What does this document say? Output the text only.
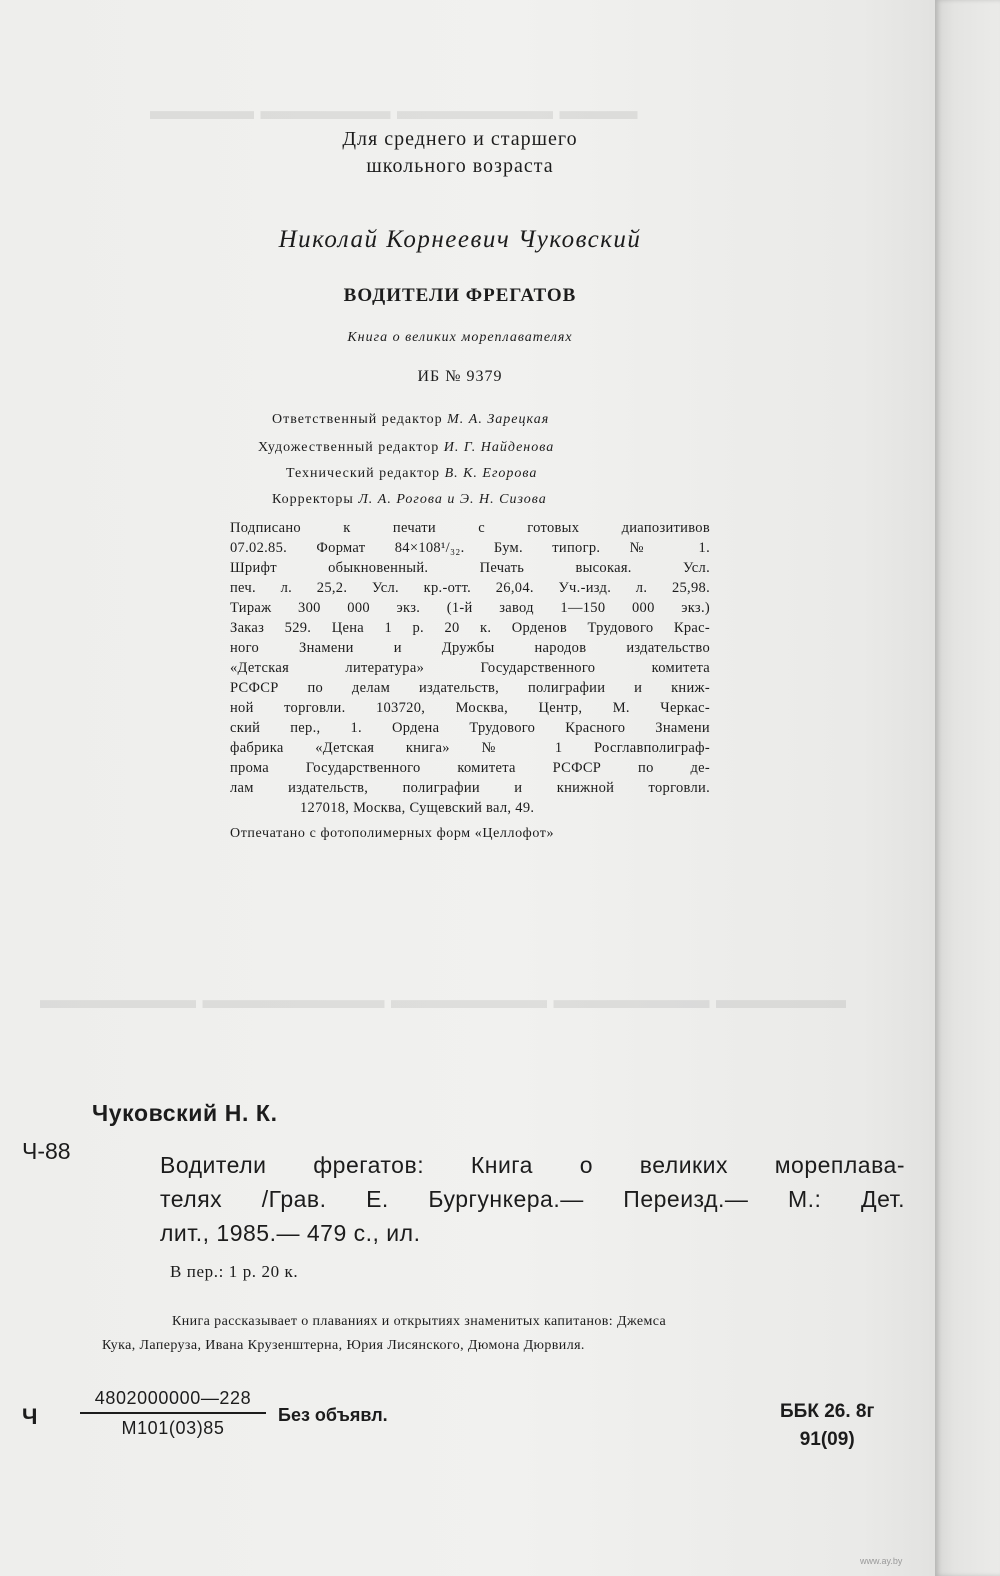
▬▬▬ ▬▬▬▬▬▬ ▬▬▬▬▬ ▬▬▬▬
▬▬▬▬▬ ▬▬▬▬▬▬ ▬▬▬▬▬▬ ▬▬▬▬▬▬▬ ▬▬▬▬▬▬
Для среднего и старшего
школьного возраста
Николай Корнеевич Чуковский
ВОДИТЕЛИ ФРЕГАТОВ
Книга о великих мореплавателях
ИБ № 9379
Ответственный редактор М. А. Зарецкая
Художественный редактор И. Г. Найденова
Технический редактор В. К. Егорова
Корректоры Л. А. Рогова и Э. Н. Сизова
Подписано к печати с готовых диапозитивов
07.02.85. Формат 84×108¹/₃₂. Бум. типогр. № 1.
Шрифт обыкновенный. Печать высокая. Усл.
печ. л. 25,2. Усл. кр.-отт. 26,04. Уч.-изд. л. 25,98.
Тираж 300 000 экз. (1-й завод 1—150 000 экз.)
Заказ 529. Цена 1 р. 20 к. Орденов Трудового Крас-
ного Знамени и Дружбы народов издательство
«Детская литература» Государственного комитета
РСФСР по делам издательств, полиграфии и книж-
ной торговли. 103720, Москва, Центр, М. Черкас-
ский пер., 1. Ордена Трудового Красного Знамени
фабрика «Детская книга» № 1 Росглавполиграф-
прома Государственного комитета РСФСР по де-
лам издательств, полиграфии и книжной торговли.
127018, Москва, Сущевский вал, 49.
Отпечатано с фотополимерных форм «Целлофот»
Чуковский Н. К.
Ч-88
Водители фрегатов: Книга о великих мореплава-
телях /Грав. Е. Бургункера.— Переизд.— М.: Дет.
лит., 1985.— 479 с., ил.
В пер.: 1 р. 20 к.
Книга рассказывает о плаваниях и открытиях знаменитых капитанов: Джемса
Кука, Лаперуза, Ивана Крузенштерна, Юрия Лисянского, Дюмона Дюрвиля.
Ч
4802000000—228
М101(03)85
Без объявл.	ББК 26. 8г
91(09)
www.ay.by
